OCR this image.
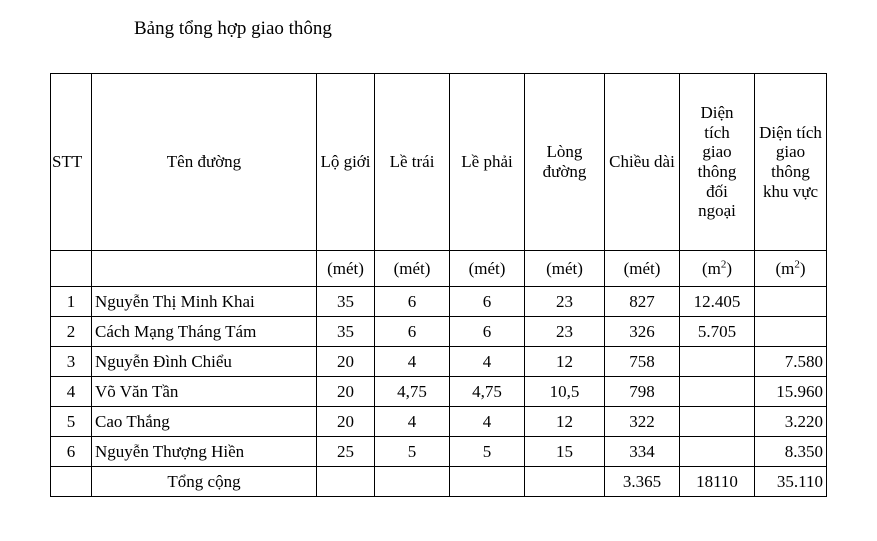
Bảng tổng hợp giao thông
STT	Tên đường	Lộ giới	Lề trái	Lề phải	Lòng đường	Chiều dài	Diện tích giao thông đối ngoại	Diện tích giao thông khu vực
		(mét)	(mét)	(mét)	(mét)	(mét)	$(m^2)$	$(m^2)$
1	Nguyễn Thị Minh Khai	35	6	6	23	827	12.405	
2	Cách Mạng Tháng Tám	35	6	6	23	326	5.705	
3	Nguyễn Đình Chiểu	20	4	4	12	758		7.580
4	Võ Văn Tần	20	4,75	4,75	10,5	798		15.960
5	Cao Thắng	20	4	4	12	322		3.220
6	Nguyễn Thượng Hiền	25	5	5	15	334		8.350
	Tổng cộng					3.365	18110	35.110
